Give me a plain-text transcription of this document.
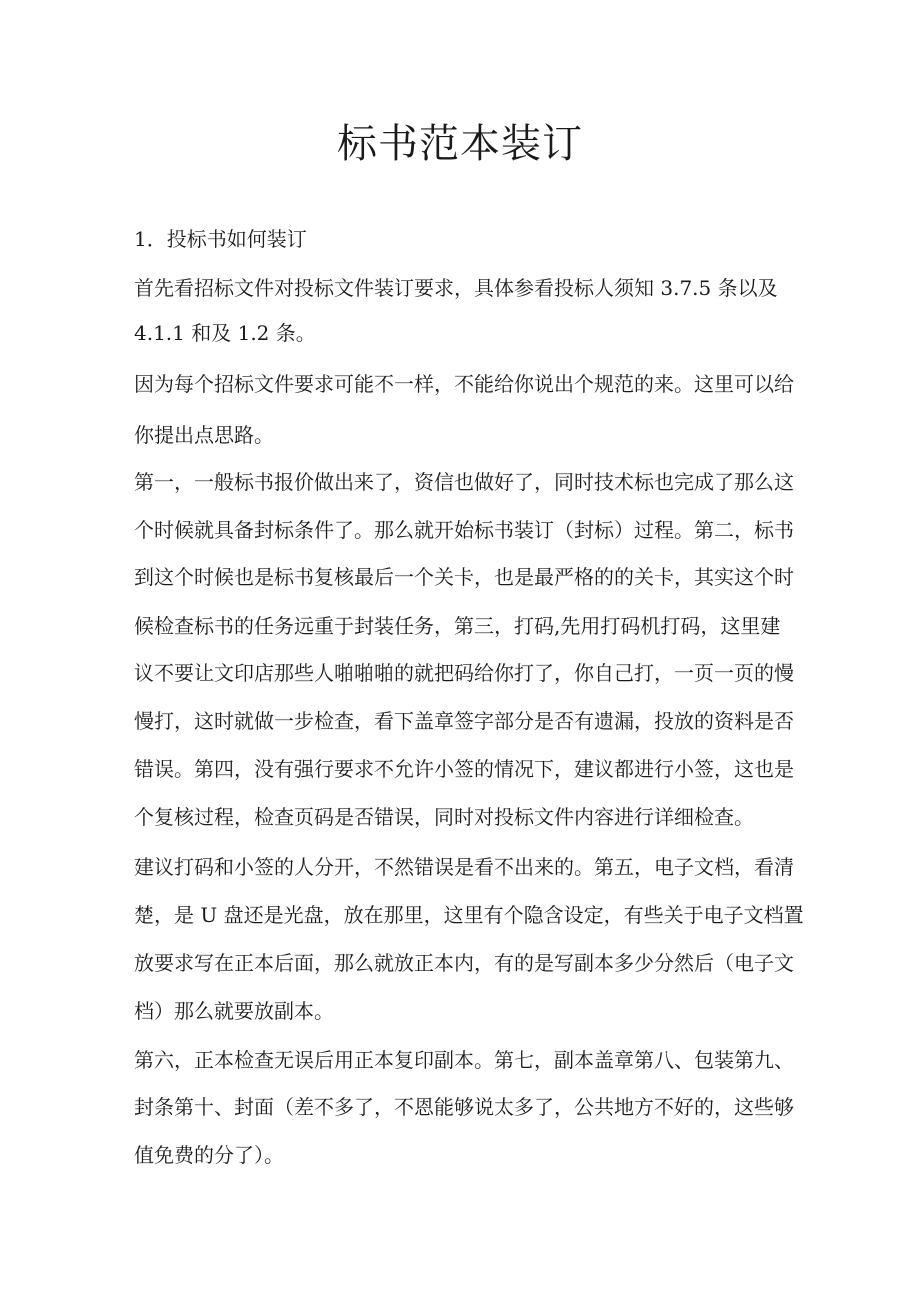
标书范本装订

1．投标书如何装订

首先看招标文件对投标文件装订要求，具体参看投标人须知 3.7.5 条以及

4.1.1 和及 1.2 条。

因为每个招标文件要求可能不一样，不能给你说出个规范的来。这里可以给

你提出点思路。

第一，一般标书报价做出来了，资信也做好了，同时技术标也完成了那么这

个时候就具备封标条件了。那么就开始标书装订（封标）过程。第二，标书

到这个时候也是标书复核最后一个关卡，也是最严格的的关卡，其实这个时

候检查标书的任务远重于封装任务，第三，打码,先用打码机打码，这里建

议不要让文印店那些人啪啪啪的就把码给你打了，你自己打，一页一页的慢

慢打，这时就做一步检查，看下盖章签字部分是否有遗漏，投放的资料是否

错误。第四，没有强行要求不允许小签的情况下，建议都进行小签，这也是

个复核过程，检查页码是否错误，同时对投标文件内容进行详细检查。

建议打码和小签的人分开，不然错误是看不出来的。第五，电子文档，看清

楚，是 U 盘还是光盘，放在那里，这里有个隐含设定，有些关于电子文档置

放要求写在正本后面，那么就放正本内，有的是写副本多少分然后（电子文

档）那么就要放副本。

第六，正本检查无误后用正本复印副本。第七，副本盖章第八、包装第九、

封条第十、封面（差不多了，不恩能够说太多了，公共地方不好的，这些够

值免费的分了）。
